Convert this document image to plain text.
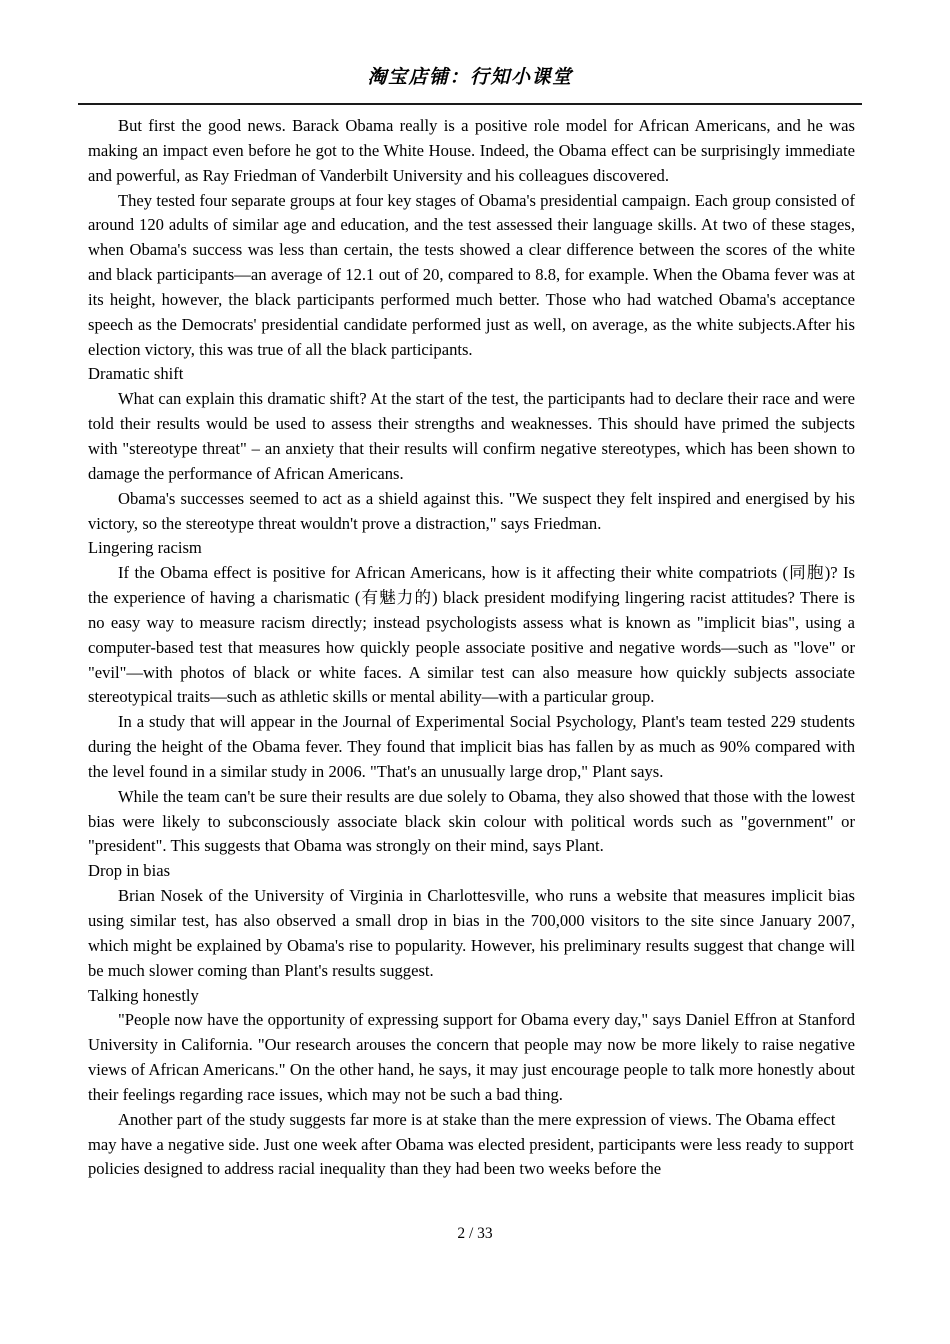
淘宝店铺：行知小课堂

But first the good news. Barack Obama really is a positive role model for African Americans, and he was making an impact even before he got to the White House. Indeed, the Obama effect can be surprisingly immediate and powerful, as Ray Friedman of Vanderbilt University and his colleagues discovered.

They tested four separate groups at four key stages of Obama's presidential campaign. Each group consisted of around 120 adults of similar age and education, and the test assessed their language skills. At two of these stages, when Obama's success was less than certain, the tests showed a clear difference between the scores of the white and black participants—an average of 12.1 out of 20, compared to 8.8, for example. When the Obama fever was at its height, however, the black participants performed much better. Those who had watched Obama's acceptance speech as the Democrats' presidential candidate performed just as well, on average, as the white subjects.After his election victory, this was true of all the black participants.

Dramatic shift

What can explain this dramatic shift? At the start of the test, the participants had to declare their race and were told their results would be used to assess their strengths and weaknesses. This should have primed the subjects with "stereotype threat" – an anxiety that their results will confirm negative stereotypes, which has been shown to damage the performance of African Americans.

Obama's successes seemed to act as a shield against this. "We suspect they felt inspired and energised by his victory, so the stereotype threat wouldn't prove a distraction," says Friedman.

Lingering racism

If the Obama effect is positive for African Americans, how is it affecting their white compatriots (同胞)? Is the experience of having a charismatic (有魅力的) black president modifying lingering racist attitudes? There is no easy way to measure racism directly; instead psychologists assess what is known as "implicit bias", using a computer-based test that measures how quickly people associate positive and negative words—such as "love" or "evil"—with photos of black or white faces. A similar test can also measure how quickly subjects associate stereotypical traits—such as athletic skills or mental ability—with a particular group.

In a study that will appear in the Journal of Experimental Social Psychology, Plant's team tested 229 students during the height of the Obama fever. They found that implicit bias has fallen by as much as 90% compared with the level found in a similar study in 2006. "That's an unusually large drop," Plant says.

While the team can't be sure their results are due solely to Obama, they also showed that those with the lowest bias were likely to subconsciously associate black skin colour with political words such as "government" or "president". This suggests that Obama was strongly on their mind, says Plant.

Drop in bias

Brian Nosek of the University of Virginia in Charlottesville, who runs a website that measures implicit bias using similar test, has also observed a small drop in bias in the 700,000 visitors to the site since January 2007, which might be explained by Obama's rise to popularity. However, his preliminary results suggest that change will be much slower coming than Plant's results suggest.

Talking honestly

"People now have the opportunity of expressing support for Obama every day," says Daniel Effron at Stanford University in California. "Our research arouses the concern that people may now be more likely to raise negative views of African Americans." On the other hand, he says, it may just encourage people to talk more honestly about their feelings regarding race issues, which may not be such a bad thing.

Another part of the study suggests far more is at stake than the mere expression of views. The Obama effect may have a negative side. Just one week after Obama was elected president, participants were less ready to support policies designed to address racial inequality than they had been two weeks before the

2 / 33
